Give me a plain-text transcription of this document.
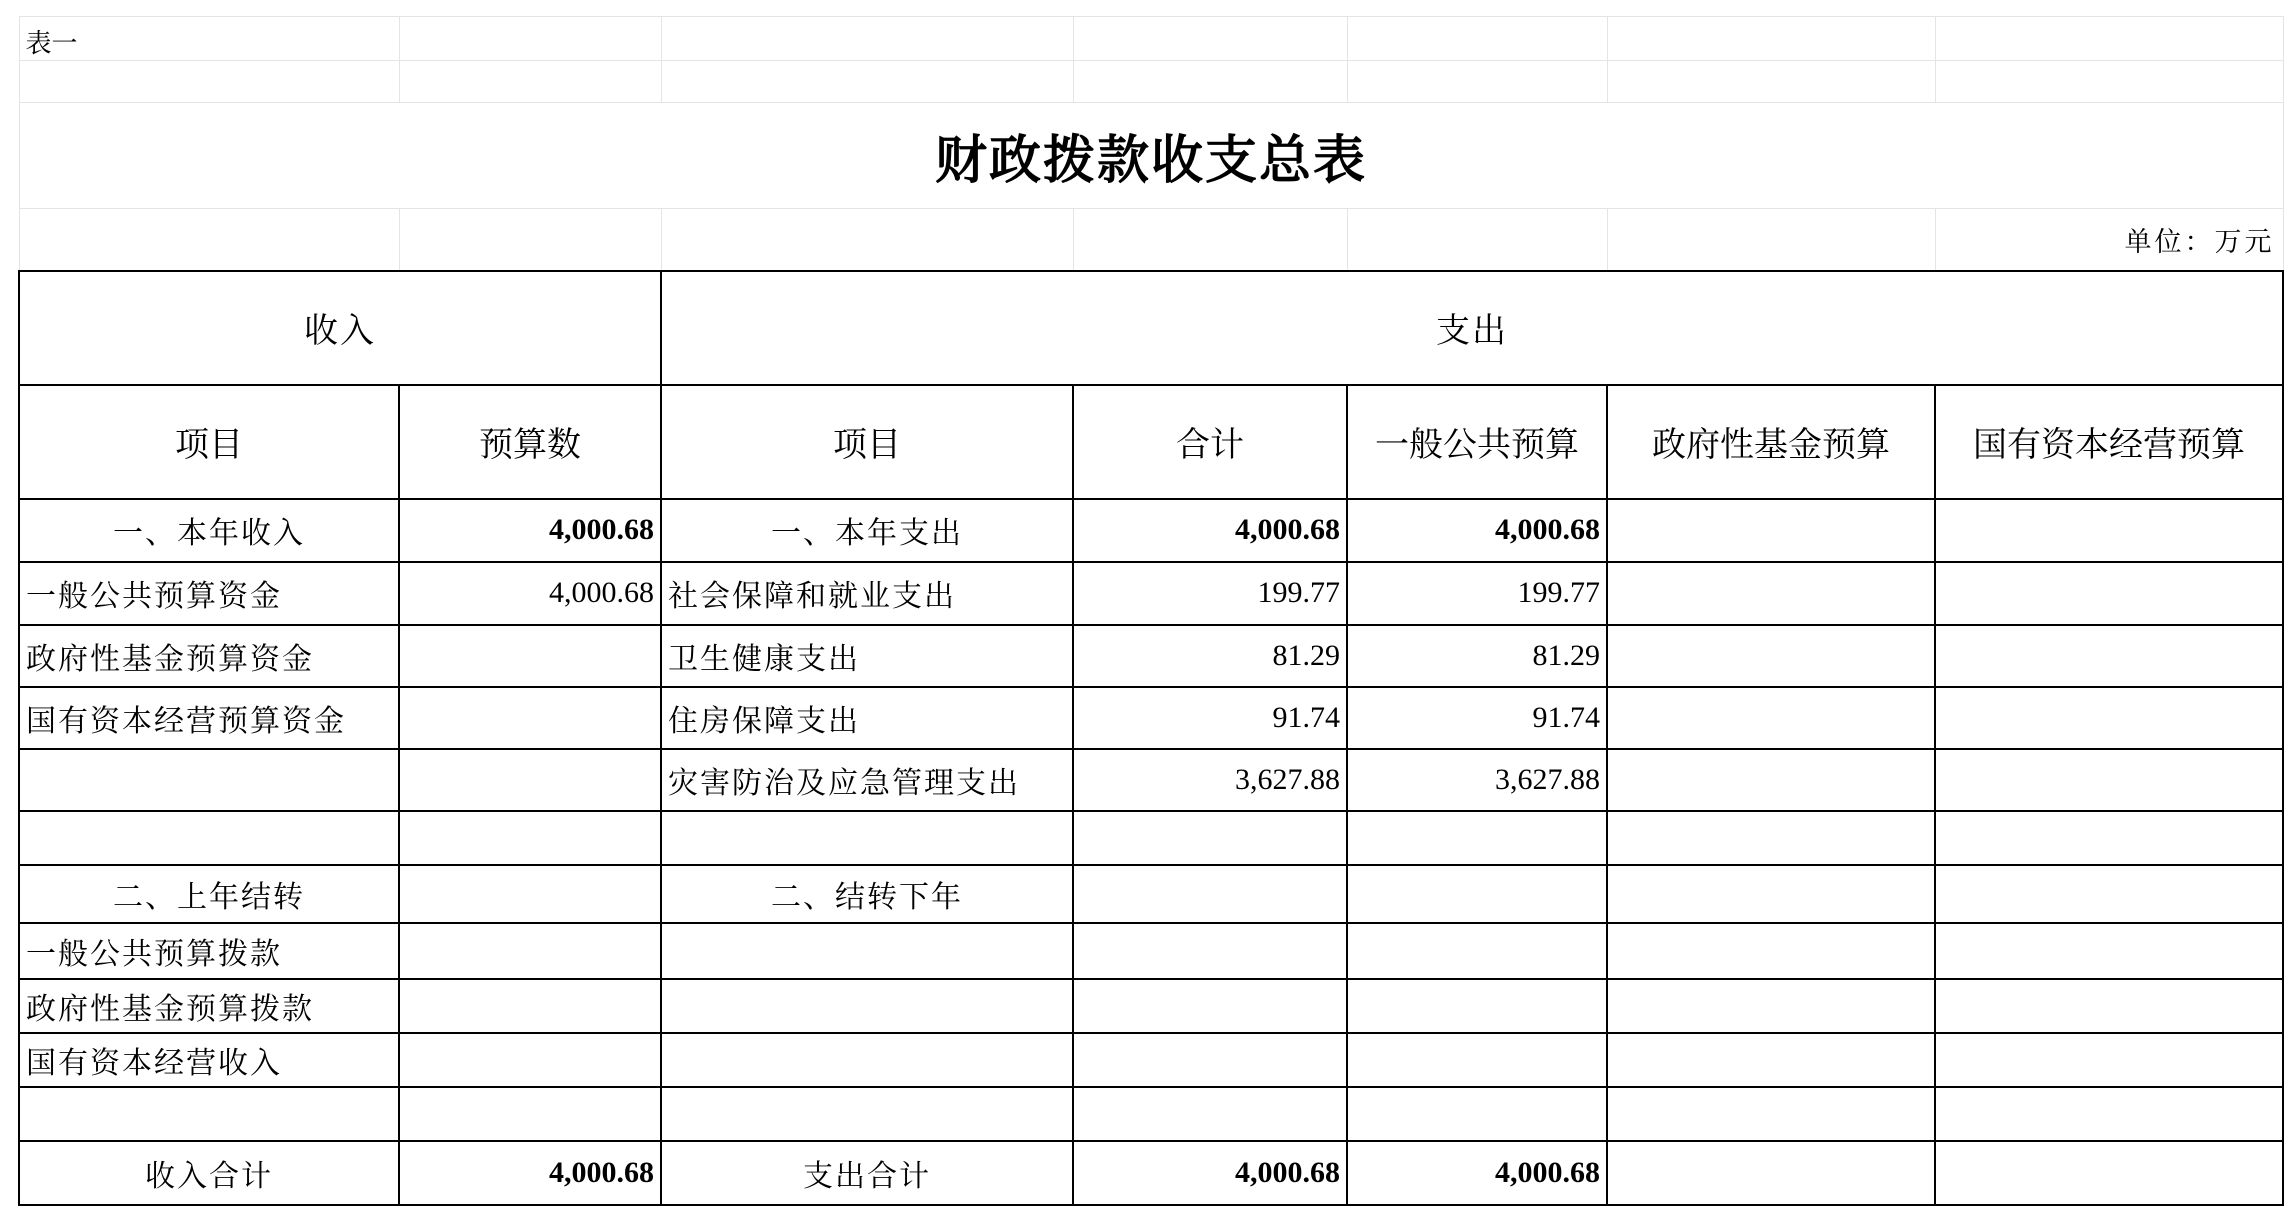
表一						

财政拨款收支总表						
						单位：万元
收入		支出				
项目	预算数	项目	合计	一般公共预算	政府性基金预算	国有资本经营预算
一、本年收入	4,000.68	一、本年支出	4,000.68	4,000.68		
一般公共预算资金	4,000.68	社会保障和就业支出	199.77	199.77		
政府性基金预算资金		卫生健康支出	81.29	81.29		
国有资本经营预算资金		住房保障支出	91.74	91.74		
		灾害防治及应急管理支出	3,627.88	3,627.88		

二、上年结转		二、结转下年				
一般公共预算拨款						
政府性基金预算拨款						
国有资本经营收入						

收入合计	4,000.68	支出合计	4,000.68	4,000.68		
